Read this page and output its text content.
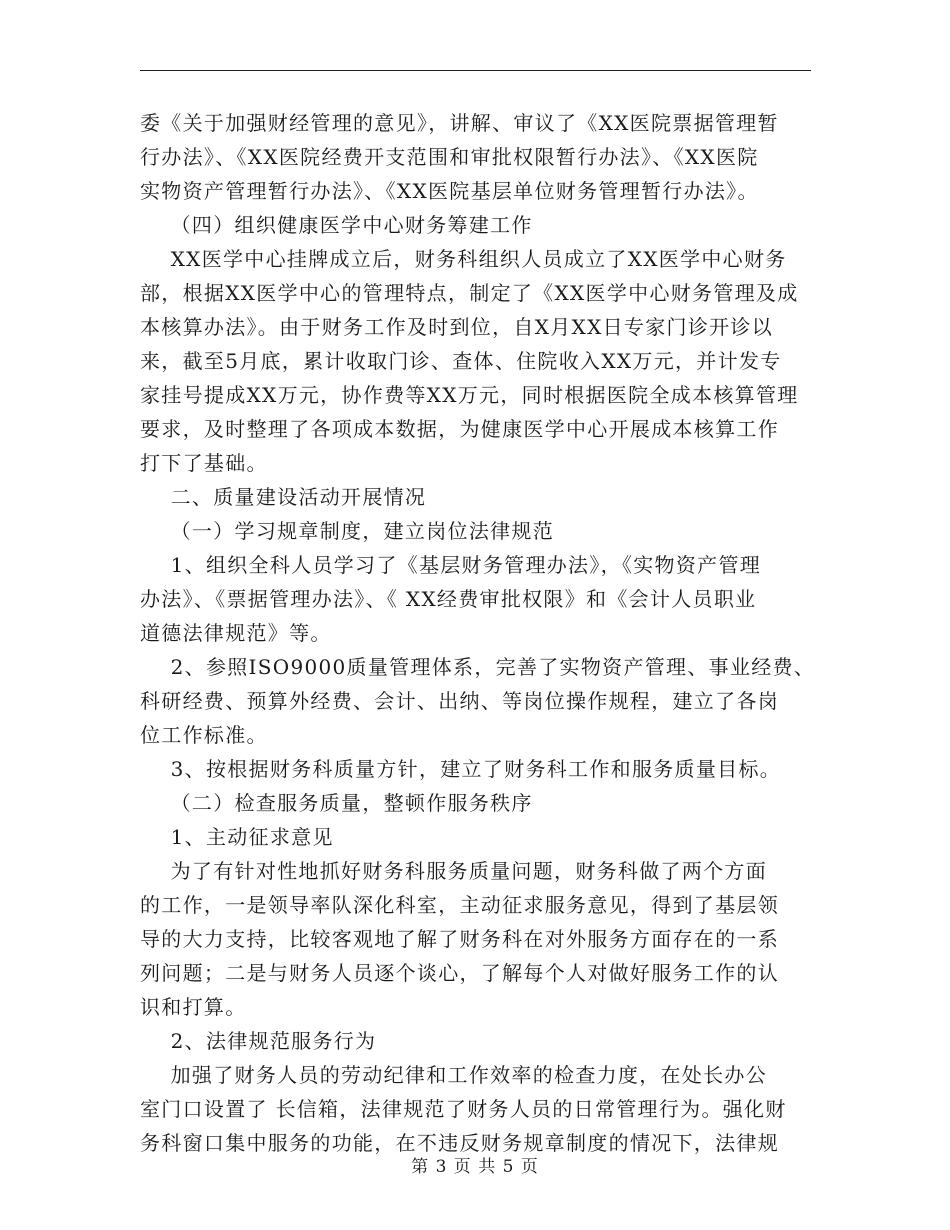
委《关于加强财经管理的意见》，讲解、审议了《XX医院票据管理暂
行办法》、《XX医院经费开支范围和审批权限暂行办法》、《XX医院
实物资产管理暂行办法》、《XX医院基层单位财务管理暂行办法》。
（四）组织健康医学中心财务筹建工作
XX医学中心挂牌成立后，财务科组织人员成立了XX医学中心财务
部，根据XX医学中心的管理特点，制定了《XX医学中心财务管理及成
本核算办法》。由于财务工作及时到位，自X月XX日专家门诊开诊以
来，截至5月底，累计收取门诊、查体、住院收入XX万元，并计发专
家挂号提成XX万元，协作费等XX万元，同时根据医院全成本核算管理
要求，及时整理了各项成本数据，为健康医学中心开展成本核算工作
打下了基础。
二、质量建设活动开展情况
（一）学习规章制度，建立岗位法律规范
1、组织全科人员学习了《基层财务管理办法》，《实物资产管理
办法》、《票据管理办法》、《 XX经费审批权限》和《会计人员职业
道德法律规范》等。
2、参照ISO9000质量管理体系，完善了实物资产管理、事业经费、
科研经费、预算外经费、会计、出纳、等岗位操作规程，建立了各岗
位工作标准。
3、按根据财务科质量方针，建立了财务科工作和服务质量目标。
（二）检查服务质量，整顿作服务秩序
1、主动征求意见
为了有针对性地抓好财务科服务质量问题，财务科做了两个方面
的工作，一是领导率队深化科室，主动征求服务意见，得到了基层领
导的大力支持，比较客观地了解了财务科在对外服务方面存在的一系
列问题；二是与财务人员逐个谈心，了解每个人对做好服务工作的认
识和打算。
2、法律规范服务行为
加强了财务人员的劳动纪律和工作效率的检查力度，在处长办公
室门口设置了 长信箱，法律规范了财务人员的日常管理行为。强化财
务科窗口集中服务的功能，在不违反财务规章制度的情况下，法律规
第 3 页 共 5 页
